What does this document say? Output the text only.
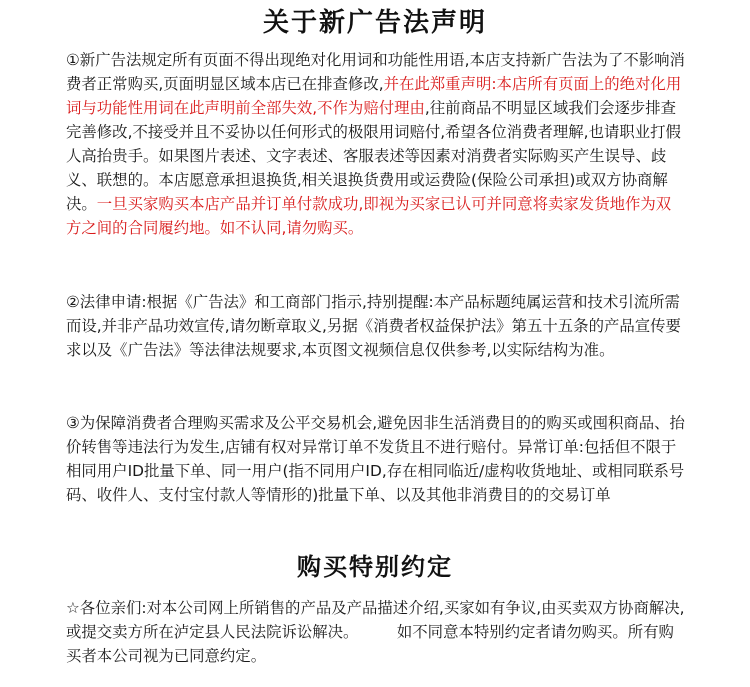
关于新广告法声明

①新广告法规定所有页面不得出现绝对化用词和功能性用语,本店支持新广告法为了不影响消费者正常购买,页面明显区域本店已在排查修改,并在此郑重声明:本店所有页面上的绝对化用词与功能性用词在此声明前全部失效,不作为赔付理由,往前商品不明显区域我们会逐步排查完善修改,不接受并且不妥协以任何形式的极限用词赔付,希望各位消费者理解,也请职业打假人高抬贵手。如果图片表述、文字表述、客服表述等因素对消费者实际购买产生误导、歧义、联想的。本店愿意承担退换货,相关退换货费用或运费险(保险公司承担)或双方协商解决。一旦买家购买本店产品并订单付款成功,即视为买家已认可并同意将卖家发货地作为双方之间的合同履约地。如不认同,请勿购买。

②法律申请:根据《广告法》和工商部门指示,持别提醒:本产品标题纯属运营和技术引流所需而设,并非产品功效宣传,请勿断章取义,另据《消费者权益保护法》第五十五条的产品宣传要求以及《广告法》等法律法规要求,本页图文视频信息仅供参考,以实际结构为准。

③为保障消费者合理购买需求及公平交易机会,避免因非生活消费目的的购买或囤积商品、抬价转售等违法行为发生,店铺有权对异常订单不发货且不进行赔付。异常订单:包括但不限于相同用户ID批量下单、同一用户(指不同用户ID,存在相同临近/虚构收货地址、或相同联系号码、收件人、支付宝付款人等情形的)批量下单、以及其他非消费目的的交易订单

购买特别约定

☆各位亲们:对本公司网上所销售的产品及产品描述介绍,买家如有争议,由买卖双方协商解决,或提交卖方所在泸定县人民法院诉讼解决。　　　如不同意本特别约定者请勿购买。所有购买者本公司视为已同意约定。
